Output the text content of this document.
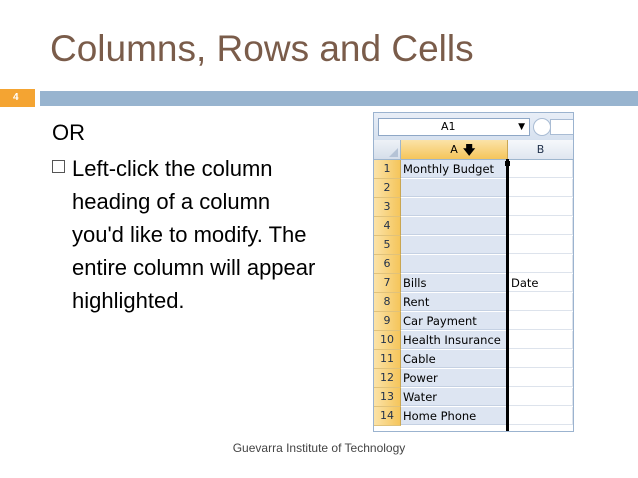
Columns, Rows and Cells
4
OR
Left-click the column heading of a column you'd like to modify. The entire column will appear highlighted.
A1	▼
A	B
🡇
1	Monthly Budget
2
3
4
5
6
7	Bills	Date
8	Rent
9	Car Payment
10 Health Insurance
11 Cable
12 Power
13 Water
14 Home Phone
Guevarra Institute of Technology
